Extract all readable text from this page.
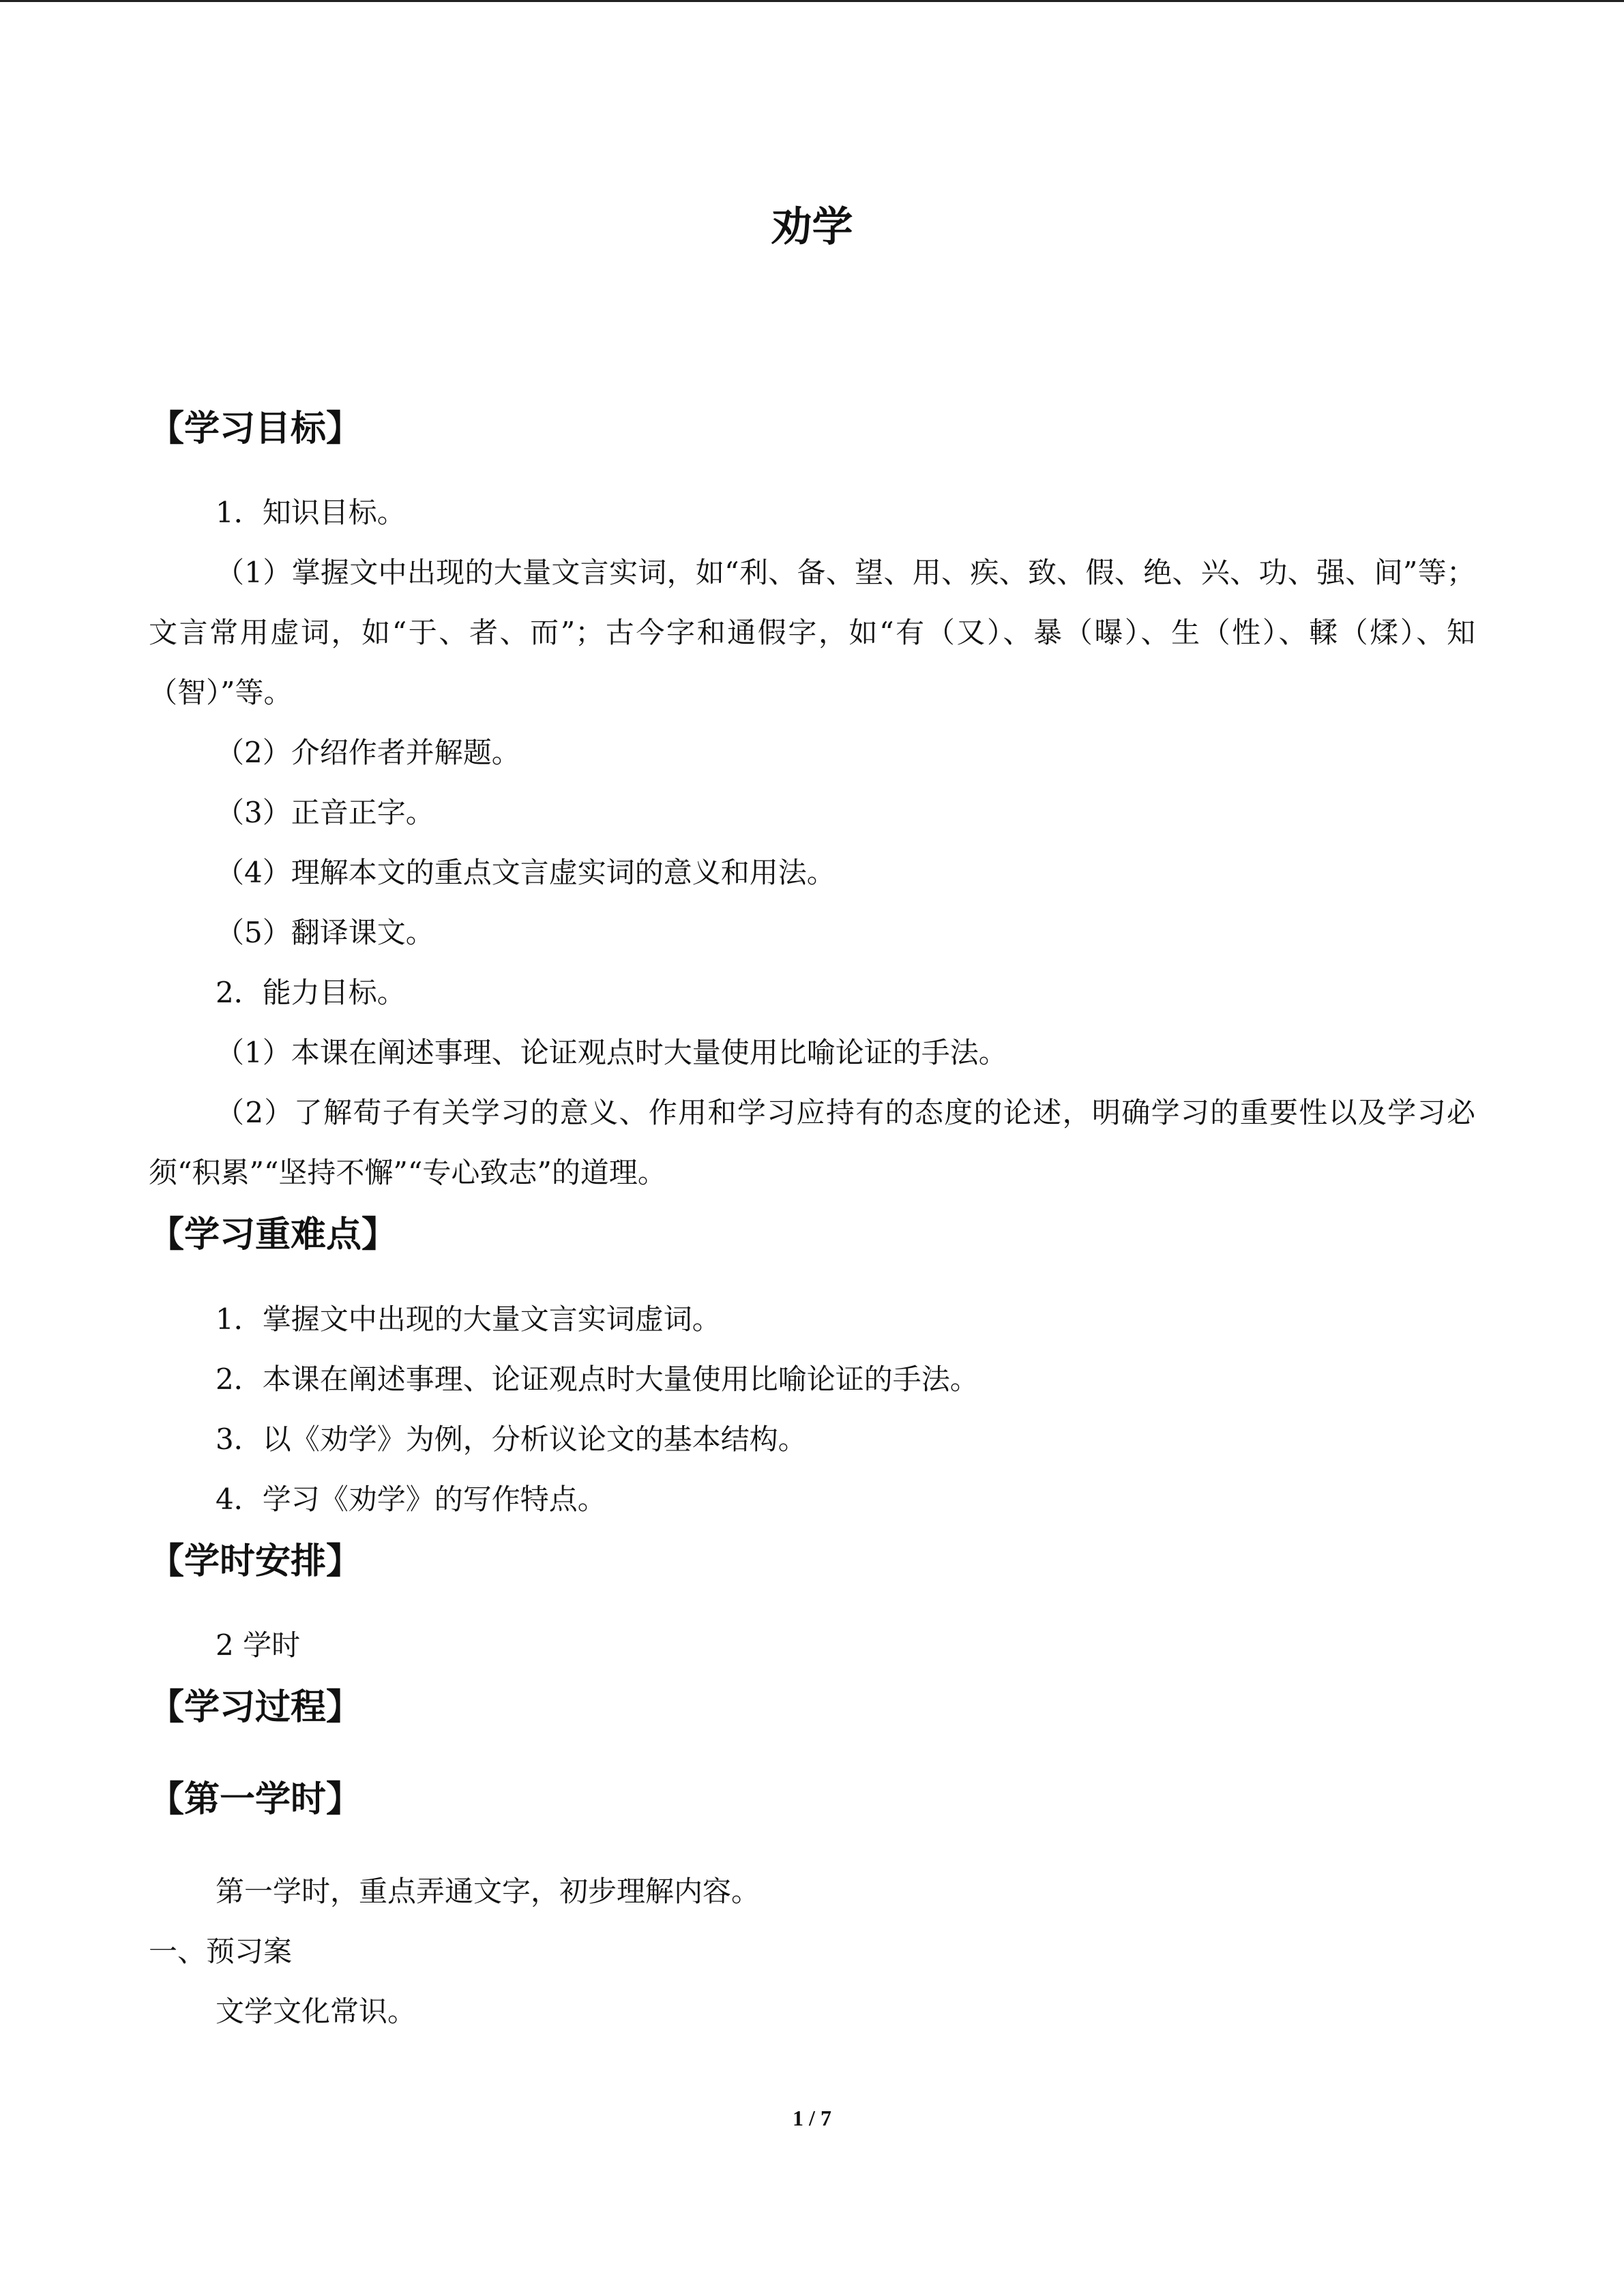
劝学
【学习目标】

1．知识目标。

（1）掌握文中出现的大量文言实词，如“利、备、望、用、疾、致、假、绝、兴、功、强、间”等；文言常用虚词，如“于、者、而”；古今字和通假字，如“有（又）、暴（曝）、生（性）、輮（煣）、知（智）”等。

（2）介绍作者并解题。

（3）正音正字。

（4）理解本文的重点文言虚实词的意义和用法。

（5）翻译课文。

2．能力目标。

（1）本课在阐述事理、论证观点时大量使用比喻论证的手法。

（2）了解荀子有关学习的意义、作用和学习应持有的态度的论述，明确学习的重要性以及学习必须“积累”“坚持不懈”“专心致志”的道理。

【学习重难点】

1．掌握文中出现的大量文言实词虚词。

2．本课在阐述事理、论证观点时大量使用比喻论证的手法。

3．以《劝学》为例，分析议论文的基本结构。

4．学习《劝学》的写作特点。

【学时安排】

2 学时

【学习过程】
【第一学时】

第一学时，重点弄通文字，初步理解内容。

一、预习案

文学文化常识。

1 / 7
